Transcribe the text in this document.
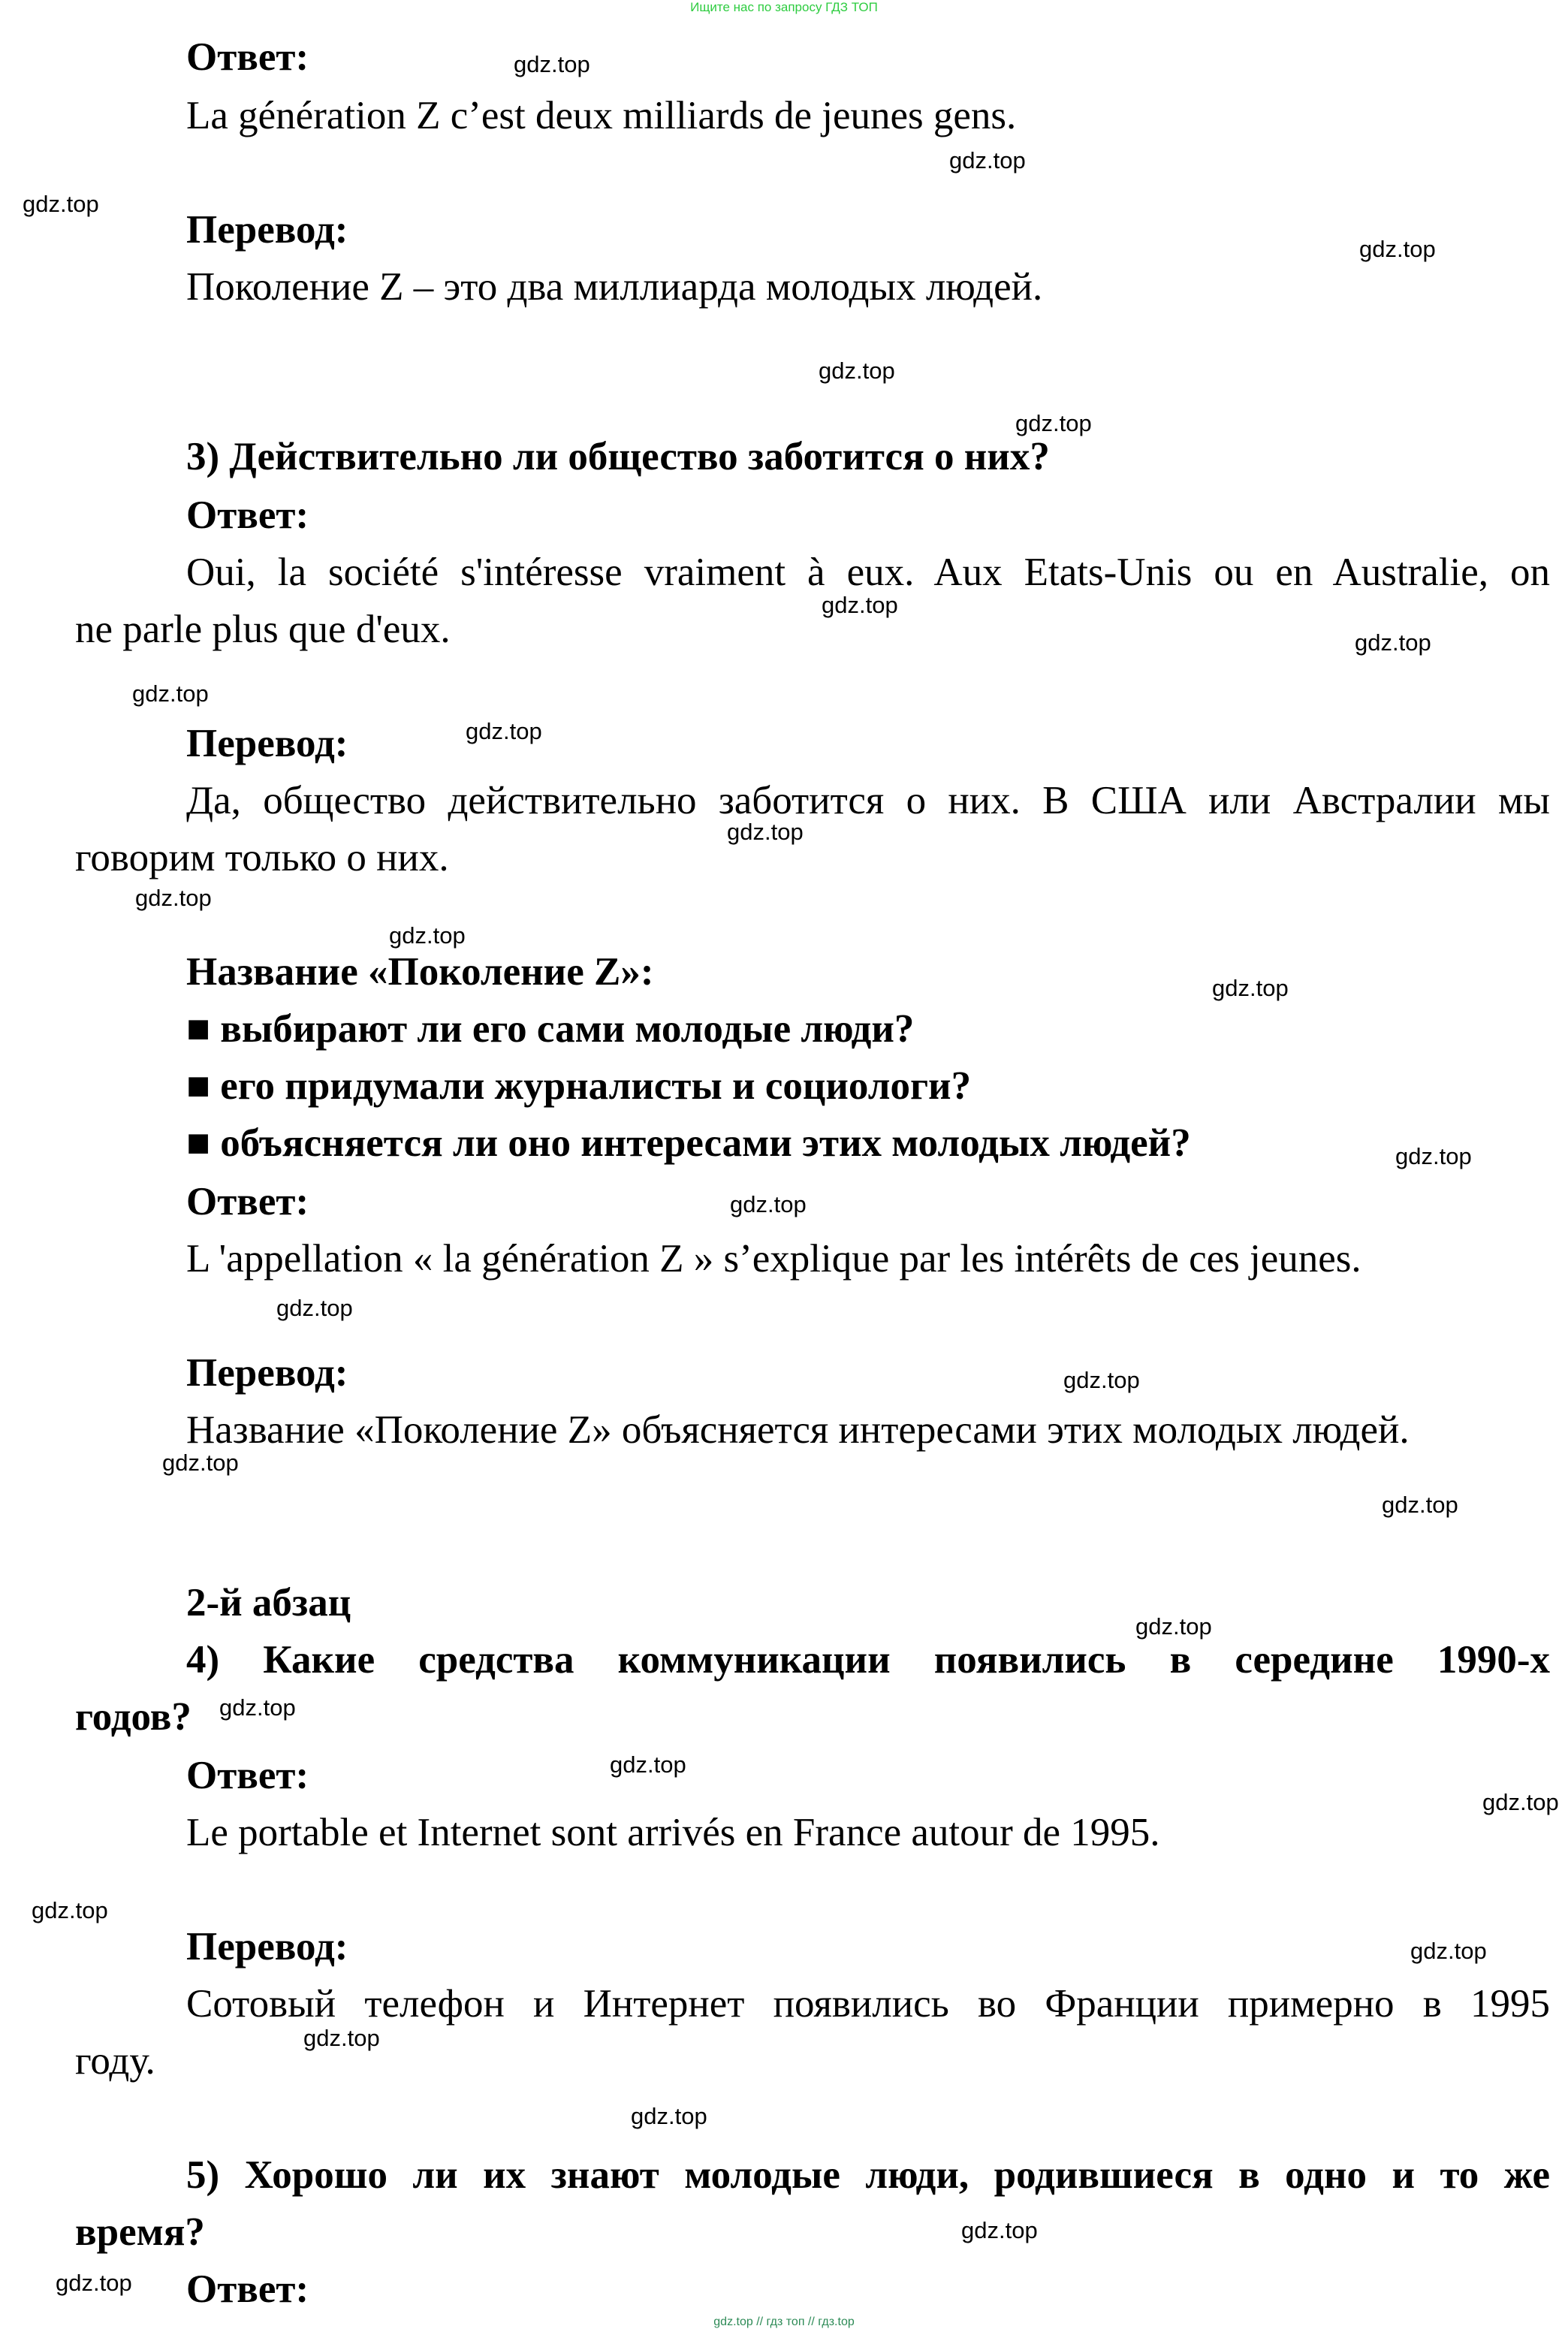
Ищите нас по запросу ГДЗ ТОП

Ответ:

La génération Z c’est deux milliards de jeunes gens.

Перевод:

Поколение Z – это два миллиарда молодых людей.

3) Действительно ли общество заботится о них?

Ответ:

Oui, la société s'intéresse vraiment à eux. Aux Etats-Unis ou en Australie, on

ne parle plus que d'eux.

Перевод:

Да, общество действительно заботится о них. В США или Австралии мы

говорим только о них.

Название «Поколение Z»:

■ выбирают ли его сами молодые люди?

■ его придумали журналисты и социологи?

■ объясняется ли оно интересами этих молодых людей?

Ответ:

L 'appellation « la génération Z » s’explique par les intérêts de ces jeunes.

Перевод:

Название «Поколение Z» объясняется интересами этих молодых людей.

2-й абзац

4) Какие средства коммуникации появились в середине 1990-х

годов?

Ответ:

Le portable et Internet sont arrivés en France autour de 1995.

Перевод:

Сотовый телефон и Интернет появились во Франции примерно в 1995

году.

5) Хорошо ли их знают молодые люди, родившиеся в одно и то же

время?

Ответ:

gdz.top
gdz.top
gdz.top
gdz.top
gdz.top
gdz.top
gdz.top
gdz.top
gdz.top
gdz.top
gdz.top
gdz.top
gdz.top
gdz.top
gdz.top
gdz.top
gdz.top
gdz.top
gdz.top
gdz.top
gdz.top
gdz.top
gdz.top
gdz.top
gdz.top
gdz.top
gdz.top
gdz.top
gdz.top
gdz.top
gdz.top // гдз топ // гдз.top
